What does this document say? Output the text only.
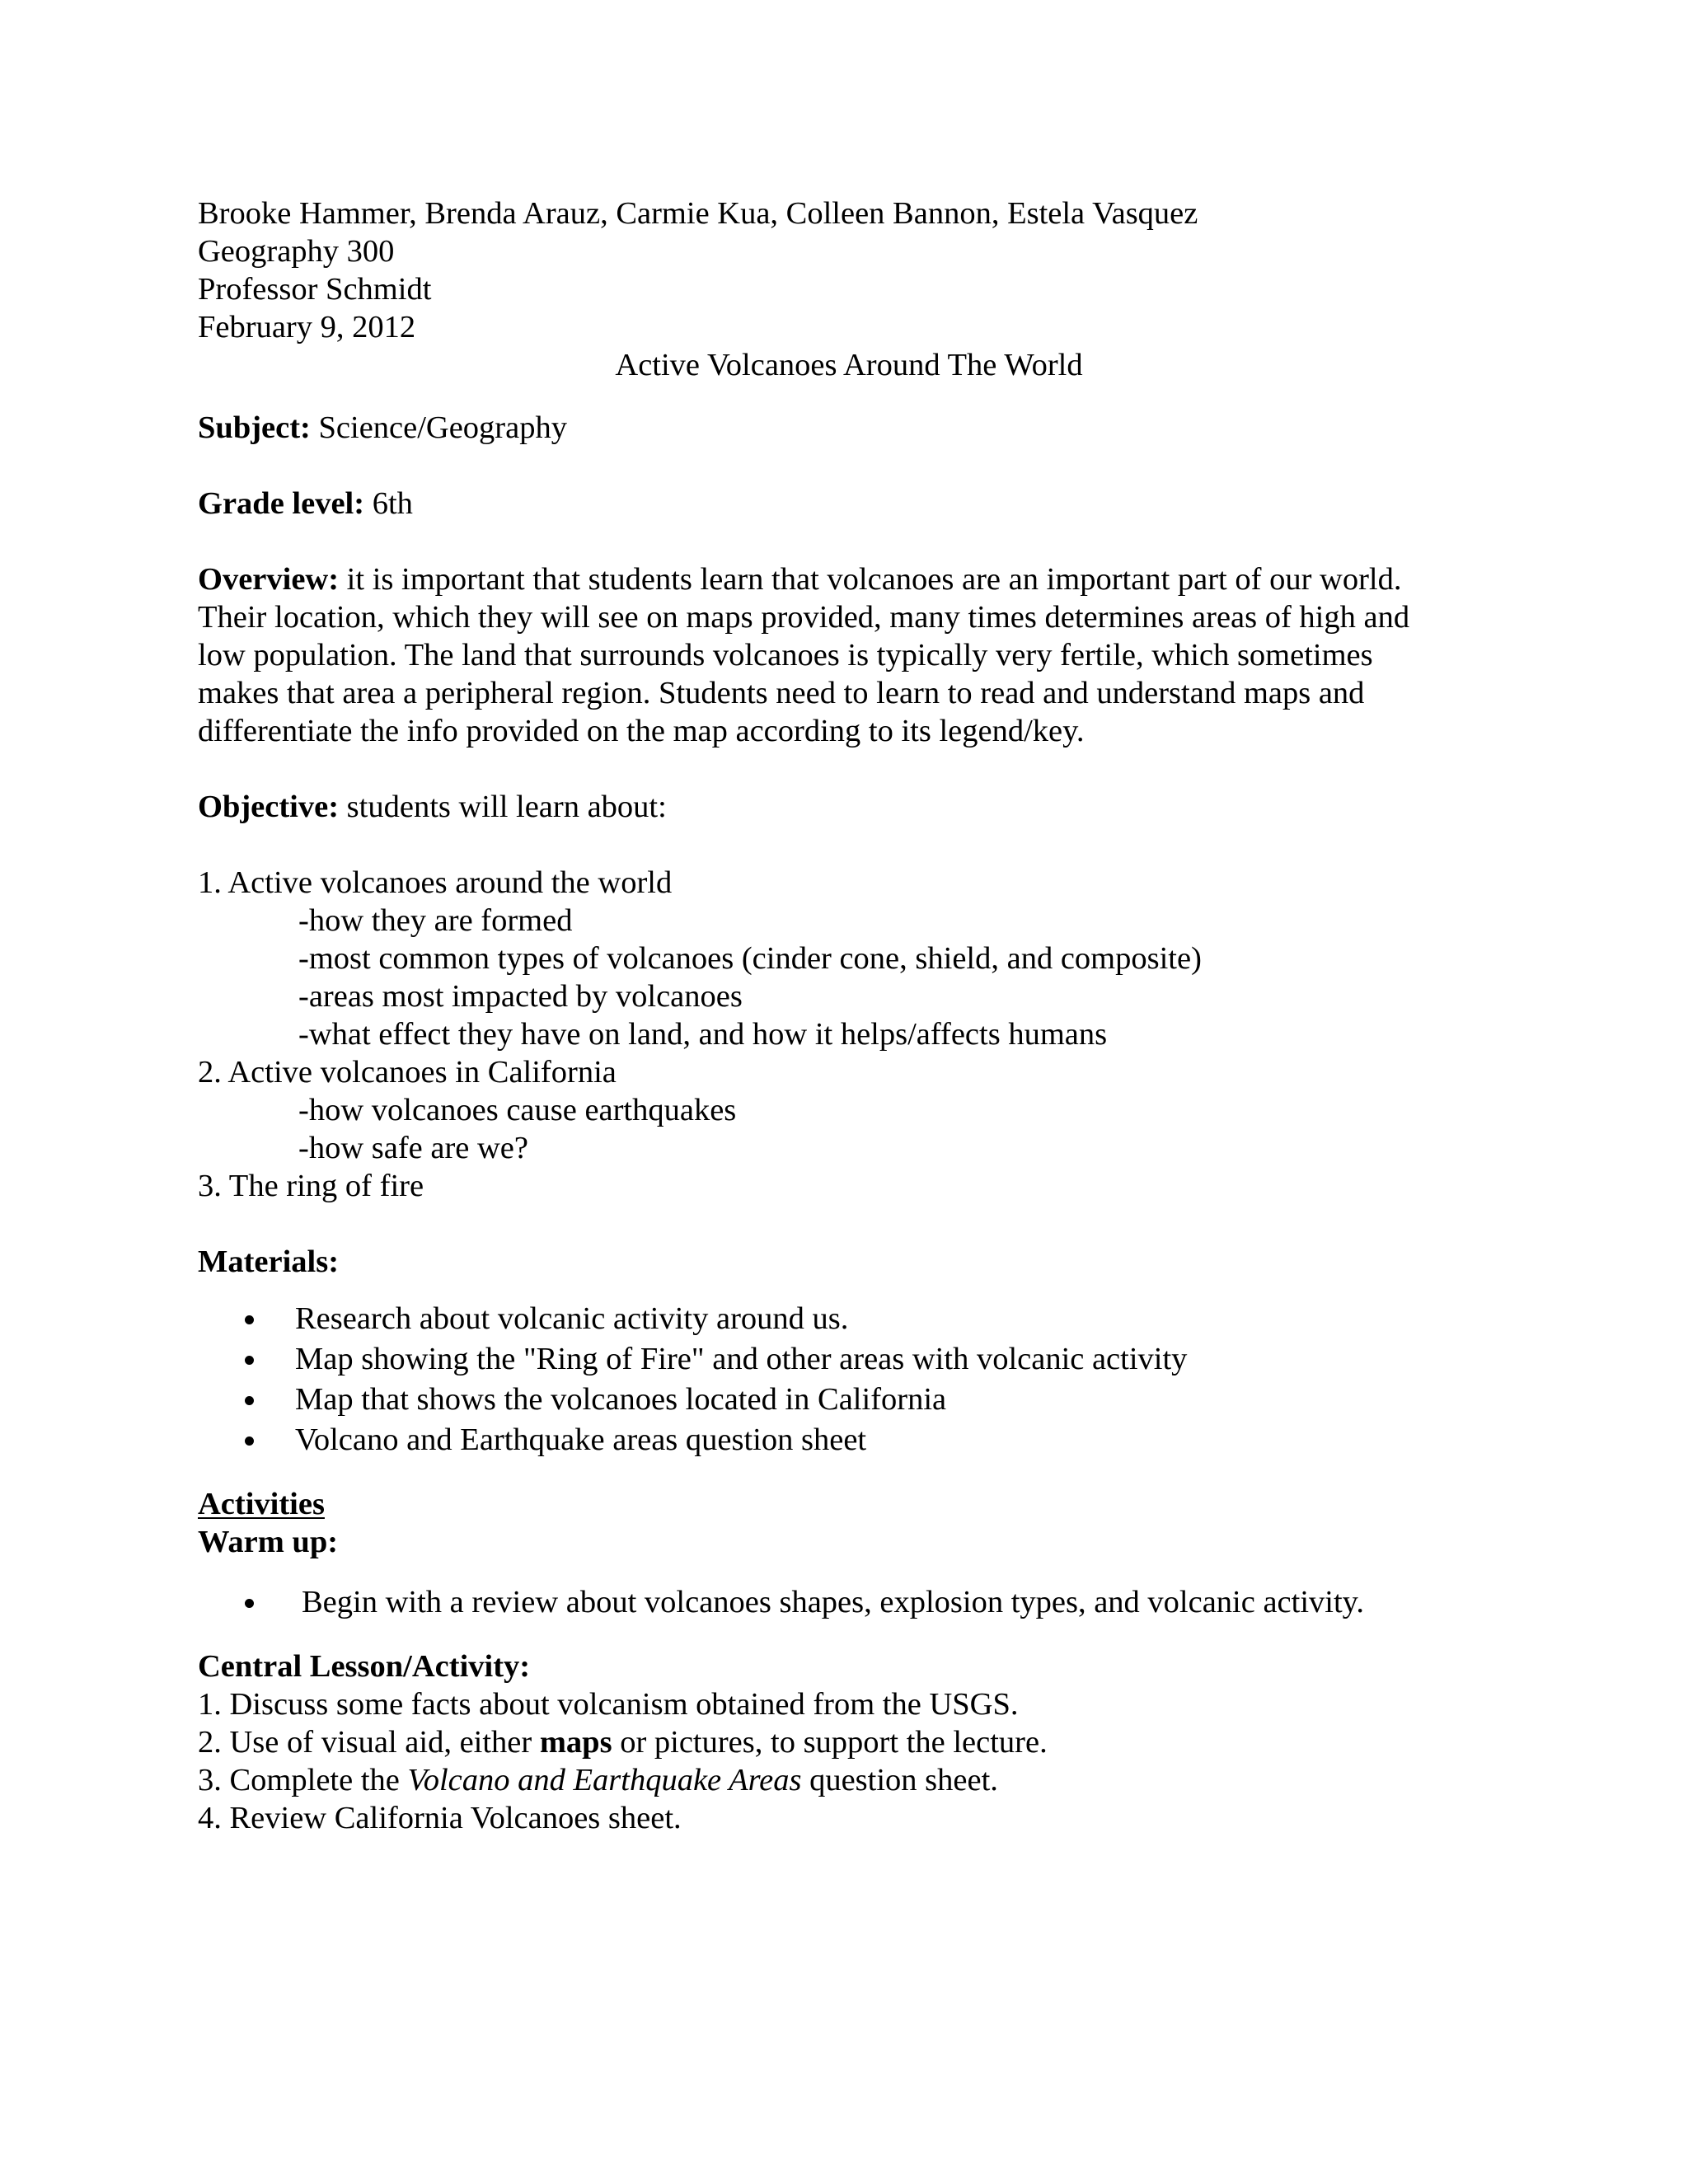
Brooke Hammer, Brenda Arauz, Carmie Kua, Colleen Bannon, Estela Vasquez
Geography 300
Professor Schmidt
February 9, 2012
Active Volcanoes Around The World
Subject: Science/Geography
Grade level: 6th
Overview: it is important that students learn that volcanoes are an important part of our world.
Their location, which they will see on maps provided, many times determines areas of high and
low population. The land that surrounds volcanoes is typically very fertile, which sometimes
makes that area a peripheral region. Students need to learn to read and understand maps and
differentiate the info provided on the map according to its legend/key.
Objective: students will learn about:
1. Active volcanoes around the world
-how they are formed
-most common types of volcanoes (cinder cone, shield, and composite)
-areas most impacted by volcanoes
-what effect they have on land, and how it helps/affects humans
2. Active volcanoes in California
-how volcanoes cause earthquakes
-how safe are we?
3. The ring of fire
Materials:
Research about volcanic activity around us.
Map showing the "Ring of Fire" and other areas with volcanic activity
Map that shows the volcanoes located in California
Volcano and Earthquake areas question sheet
Activities
Warm up:
Begin with a review about volcanoes shapes, explosion types, and volcanic activity.
Central Lesson/Activity:
1. Discuss some facts about volcanism obtained from the USGS.
2. Use of visual aid, either maps or pictures, to support the lecture.
3. Complete the Volcano and Earthquake Areas question sheet.
4. Review California Volcanoes sheet.
